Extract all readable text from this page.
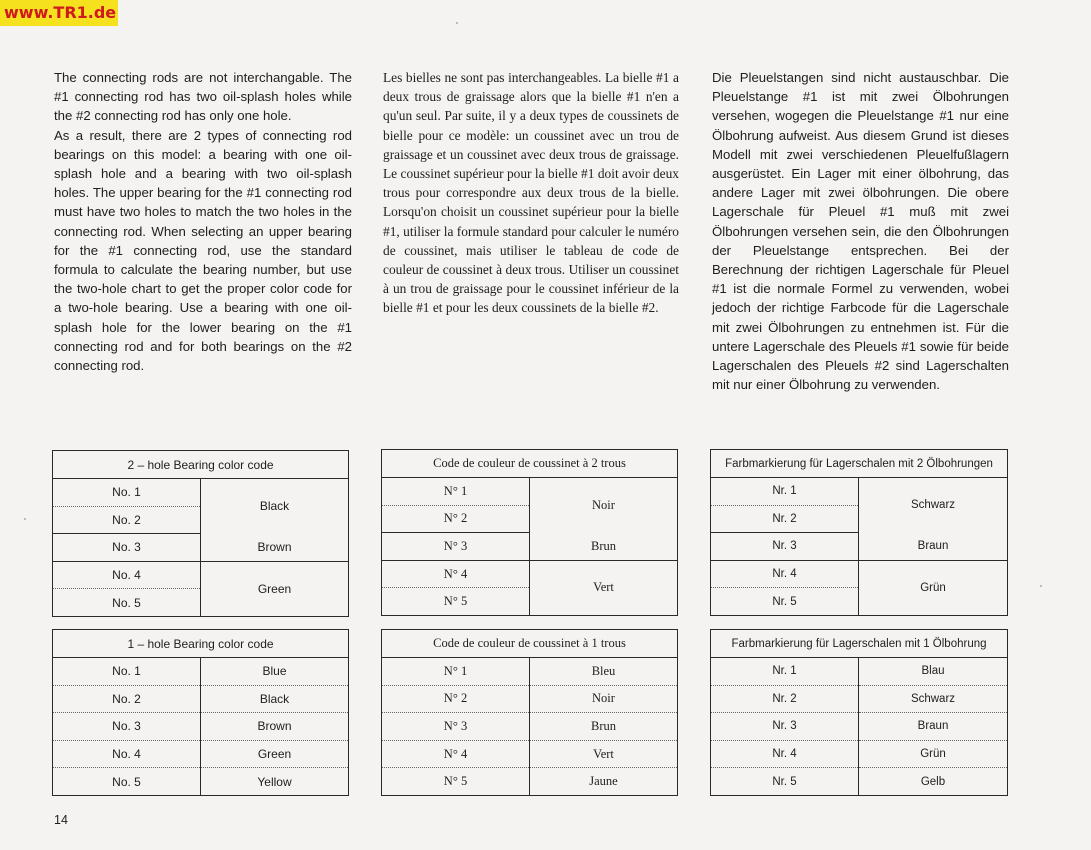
www.TR1.de

The connecting rods are not interchangable. The #1 connecting rod has two oil-splash holes while the #2 connecting rod has only one hole.

As a result, there are 2 types of connecting rod bearings on this model: a bearing with one oil-splash hole and a bearing with two oil-splash holes. The upper bearing for the #1 connecting rod must have two holes to match the two holes in the connecting rod. When selecting an upper bearing for the #1 connecting rod, use the standard formula to calculate the bearing number, but use the two-hole chart to get the proper color code for a two-hole bearing. Use a bearing with one oil-splash hole for the lower bearing on the #1 connecting rod and for both bearings on the #2 connecting rod.

Les bielles ne sont pas interchangeables. La bielle #1 a deux trous de graissage alors que la bielle #1 n'en a qu'un seul. Par suite, il y a deux types de coussinets de bielle pour ce modèle: un coussinet avec un trou de graissage et un coussinet avec deux trous de graissage. Le coussinet supérieur pour la bielle #1 doit avoir deux trous pour correspondre aux deux trous de la bielle. Lorsqu'on choisit un coussinet supérieur pour la bielle #1, utiliser la formule standard pour calculer le numéro de coussinet, mais utiliser le tableau de code de couleur de coussinet à deux trous. Utiliser un coussinet à un trou de graissage pour le coussinet inférieur de la bielle #1 et pour les deux coussinets de la bielle #2.

Die Pleuelstangen sind nicht austauschbar. Die Pleuelstange #1 ist mit zwei Ölbohrungen versehen, wogegen die Pleuelstange #1 nur eine Ölbohrung aufweist. Aus diesem Grund ist dieses Modell mit zwei verschiedenen Pleuelfußlagern ausgerüstet. Ein Lager mit einer ölbohrung, das andere Lager mit zwei ölbohrungen. Die obere Lagerschale für Pleuel #1 muß mit zwei Ölbohrungen versehen sein, die den Ölbohrungen der Pleuelstange entsprechen. Bei der Berechnung der richtigen Lagerschale für Pleuel #1 ist die normale Formel zu verwenden, wobei jedoch der richtige Farbcode für die Lagerschale mit zwei Ölbohrungen zu entnehmen ist. Für die untere Lagerschale des Pleuels #1 sowie für beide Lagerschalen des Pleuels #2 sind Lagerschalten mit nur einer Ölbohrung zu verwenden.

2 – hole Bearing color code	
No. 1	Black
No. 2	
No. 3	Brown
No. 4	Green
No. 5	
Code de couleur de coussinet à 2 trous	
N° 1	Noir
N° 2	
N° 3	Brun
N° 4	Vert
N° 5	
Farbmarkierung für Lagerschalen mit 2 Ölbohrungen	
Nr. 1	Schwarz
Nr. 2	
Nr. 3	Braun
Nr. 4	Grün
Nr. 5	
1 – hole Bearing color code	
No. 1	Blue
No. 2	Black
No. 3	Brown
No. 4	Green
No. 5	Yellow
Code de couleur de coussinet à 1 trous	
N° 1	Bleu
N° 2	Noir
N° 3	Brun
N° 4	Vert
N° 5	Jaune
Farbmarkierung für Lagerschalen mit 1 Ölbohrung	
Nr. 1	Blau
Nr. 2	Schwarz
Nr. 3	Braun
Nr. 4	Grün
Nr. 5	Gelb
14
